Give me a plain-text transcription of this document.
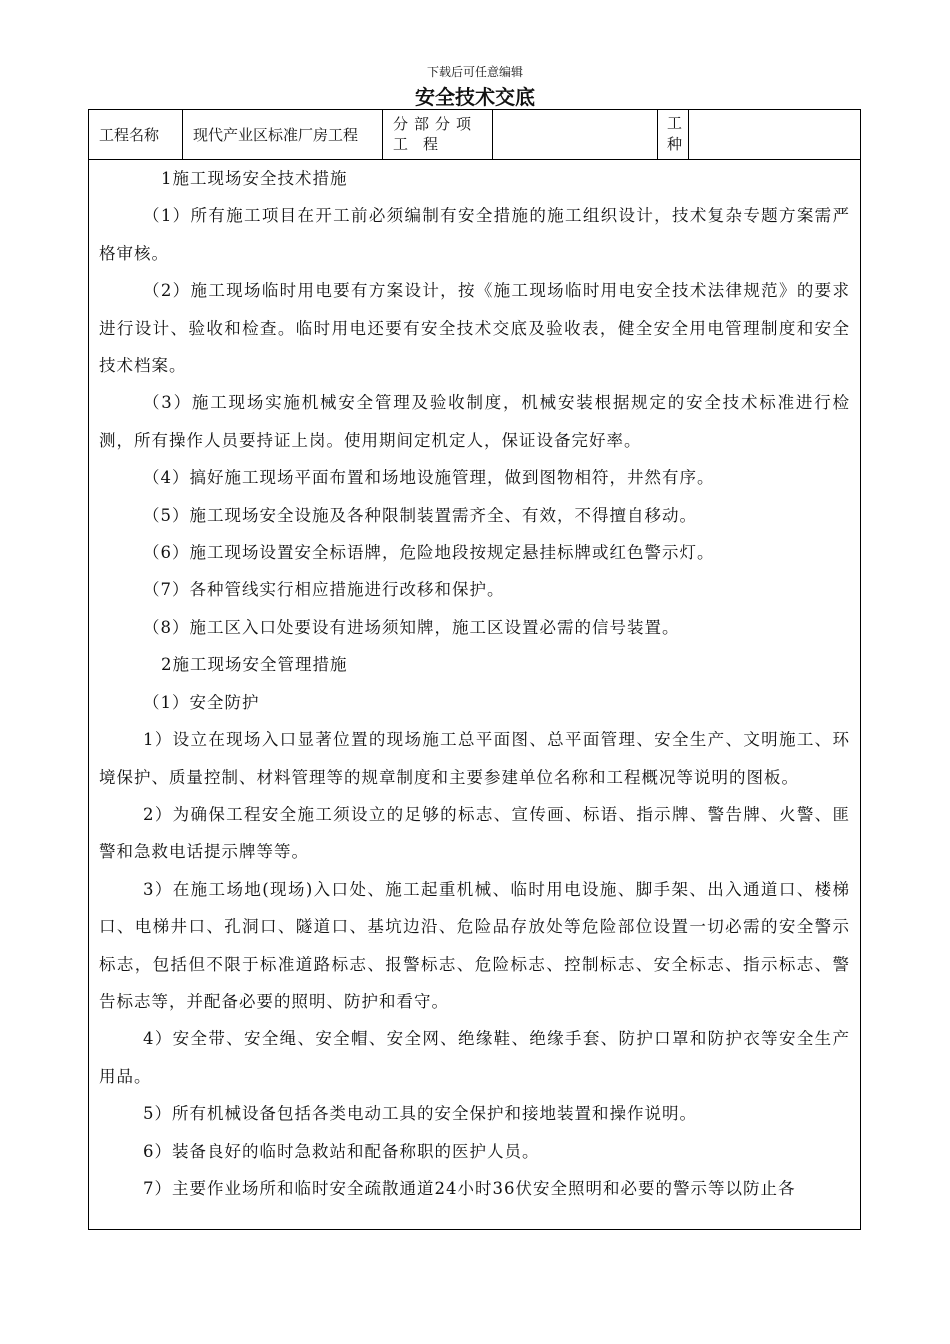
下载后可任意编辑
安全技术交底
工程名称	现代产业区标准厂房工程
分部分项
工　程
工
种

1施工现场安全技术措施

（1）所有施工项目在开工前必须编制有安全措施的施工组织设计，技术复杂专题方案需严格审核。

（2）施工现场临时用电要有方案设计，按《施工现场临时用电安全技术法律规范》的要求进行设计、验收和检查。临时用电还要有安全技术交底及验收表，健全安全用电管理制度和安全技术档案。

（3）施工现场实施机械安全管理及验收制度，机械安装根据规定的安全技术标准进行检测，所有操作人员要持证上岗。使用期间定机定人，保证设备完好率。

（4）搞好施工现场平面布置和场地设施管理，做到图物相符，井然有序。

（5）施工现场安全设施及各种限制装置需齐全、有效，不得擅自移动。

（6）施工现场设置安全标语牌，危险地段按规定悬挂标牌或红色警示灯。

（7）各种管线实行相应措施进行改移和保护。

（8）施工区入口处要设有进场须知牌，施工区设置必需的信号装置。

2施工现场安全管理措施

（1）安全防护

1）设立在现场入口显著位置的现场施工总平面图、总平面管理、安全生产、文明施工、环境保护、质量控制、材料管理等的规章制度和主要参建单位名称和工程概况等说明的图板。

2）为确保工程安全施工须设立的足够的标志、宣传画、标语、指示牌、警告牌、火警、匪警和急救电话提示牌等等。

3）在施工场地(现场)入口处、施工起重机械、临时用电设施、脚手架、出入通道口、楼梯口、电梯井口、孔洞口、隧道口、基坑边沿、危险品存放处等危险部位设置一切必需的安全警示标志，包括但不限于标准道路标志、报警标志、危险标志、控制标志、安全标志、指示标志、警告标志等，并配备必要的照明、防护和看守。

4）安全带、安全绳、安全帽、安全网、绝缘鞋、绝缘手套、防护口罩和防护衣等安全生产用品。

5）所有机械设备包括各类电动工具的安全保护和接地装置和操作说明。

6）装备良好的临时急救站和配备称职的医护人员。

7）主要作业场所和临时安全疏散通道24小时36伏安全照明和必要的警示等以防止各
